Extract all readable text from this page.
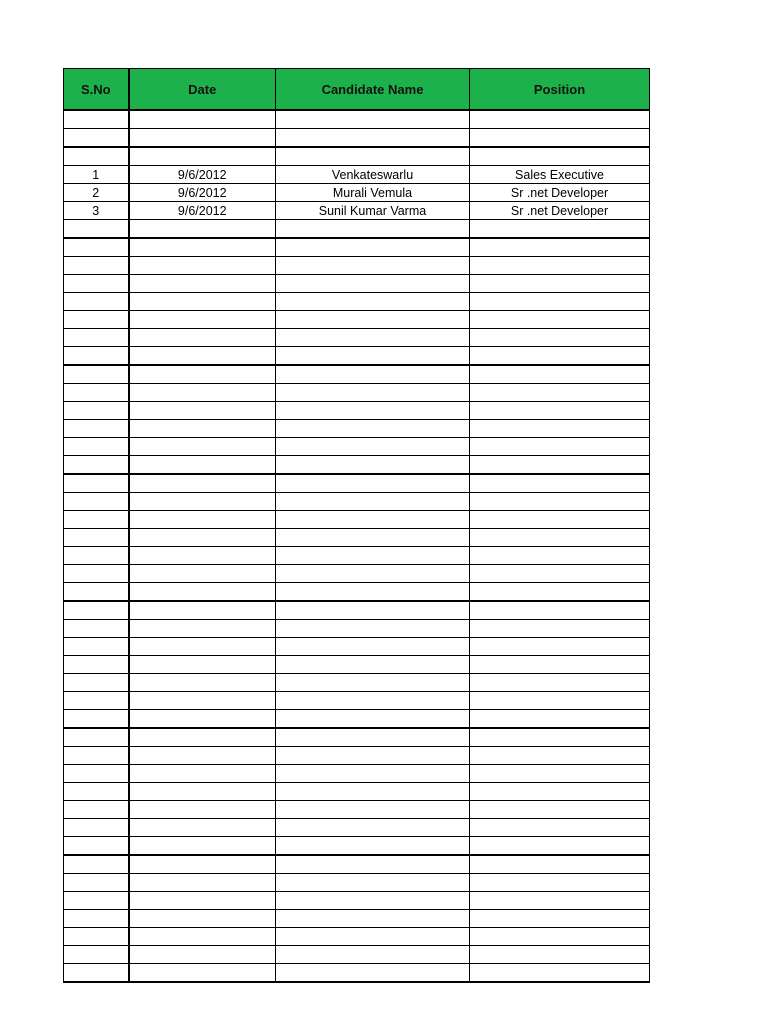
S.No	Date	Candidate Name	Position

1	9/6/2012	Venkateswarlu	Sales Executive
2	9/6/2012	Murali Vemula	Sr .net Developer
3	9/6/2012	Sunil Kumar Varma	Sr .net Developer
